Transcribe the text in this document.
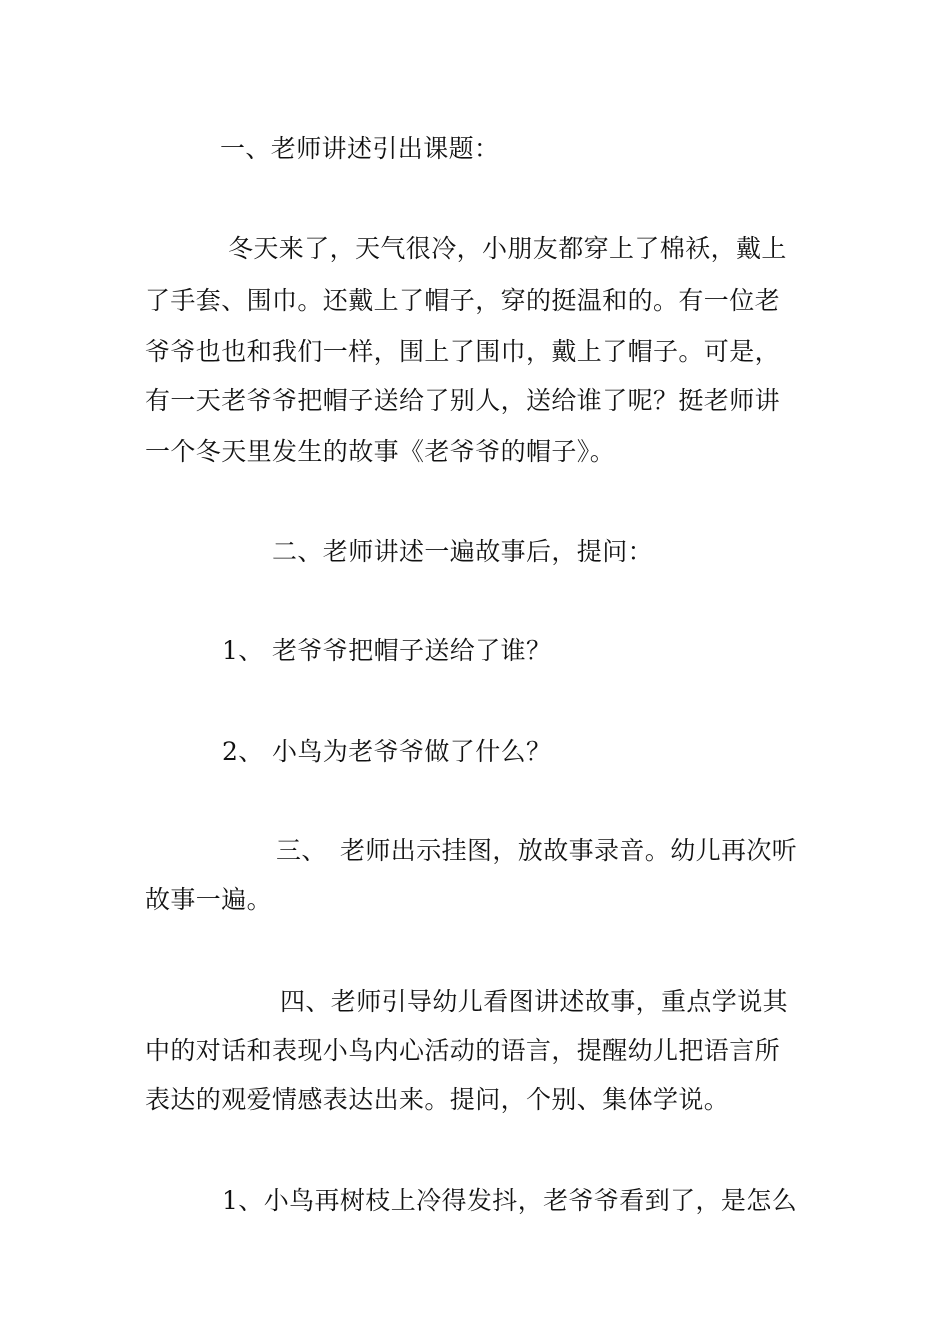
一、老师讲述引出课题：
冬天来了，天气很冷，小朋友都穿上了棉袄，戴上
了手套、围巾。还戴上了帽子，穿的挺温和的。有一位老
爷爷也也和我们一样，围上了围巾，戴上了帽子。可是，
有一天老爷爷把帽子送给了别人，送给谁了呢？挺老师讲
一个冬天里发生的故事《老爷爷的帽子》。
二、老师讲述一遍故事后，提问：
1、 老爷爷把帽子送给了谁？
2、 小鸟为老爷爷做了什么？
三、 老师出示挂图，放故事录音。幼儿再次听
故事一遍。
四、老师引导幼儿看图讲述故事，重点学说其
中的对话和表现小鸟内心活动的语言，提醒幼儿把语言所
表达的观爱情感表达出来。提问，个别、集体学说。
1、小鸟再树枝上冷得发抖，老爷爷看到了，是怎么
